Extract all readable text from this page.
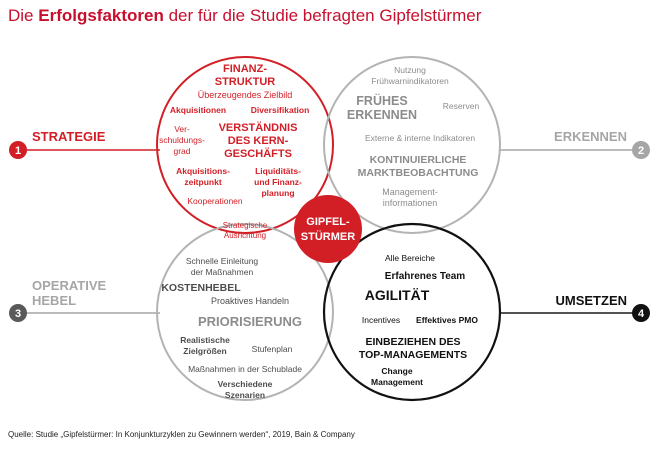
Die Erfolgsfaktoren der für die Studie befragten Gipfelstürmer
1	2
3	4
STRATEGIE	ERKENNEN
OPERATIVE
HEBEL	UMSETZEN
FINANZ-
STRUKTUR
Überzeugendes Zielbild
Akquisitionen	Diversifikation
Ver-
schuldungs-
grad
VERSTÄNDNIS
DES KERN-
GESCHÄFTS
Akquisitions-
zeitpunkt
Liquiditäts-
und Finanz-
planung
Kooperationen
Strategische
Ausrichtung
Nutzung
Frühwarnindikatoren
FRÜHES
ERKENNEN
Reserven
Externe & interne Indikatoren
KONTINUIERLICHE
MARKTBEOBACHTUNG
Management-
informationen
Schnelle Einleitung
der Maßnahmen
KOSTENHEBEL
Proaktives Handeln
PRIORISIERUNG
Realistische
Zielgrößen	Stufenplan
Maßnahmen in der Schublade
Verschiedene
Szenarien
Alle Bereiche
Erfahrenes Team
AGILITÄT
Incentives Effektives PMO
EINBEZIEHEN DES
TOP-MANAGEMENTS
Change
Management
GIPFEL-
STÜRMER
Quelle: Studie „Gipfelstürmer: In Konjunkturzyklen zu Gewinnern werden“, 2019, Bain & Company
